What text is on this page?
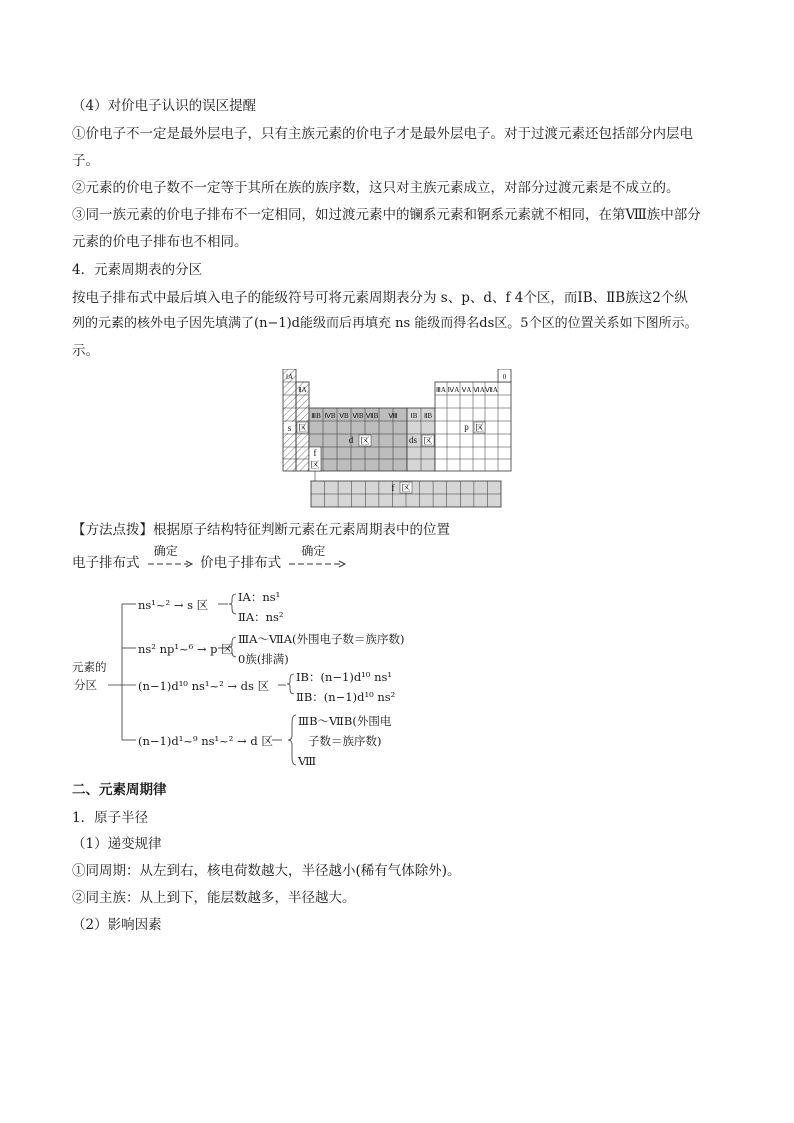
（4）对价电子认识的误区提醒
①价电子不一定是最外层电子，只有主族元素的价电子才是最外层电子。对于过渡元素还包括部分内层电
子。
②元素的价电子数不一定等于其所在族的族序数，这只对主族元素成立，对部分过渡元素是不成立的。
③同一族元素的价电子排布不一定相同，如过渡元素中的镧系元素和锕系元素就不相同，在第Ⅷ族中部分
元素的价电子排布也不相同。
4．元素周期表的分区
按电子排布式中最后填入电子的能级符号可将元素周期表分为 s、p、d、f 4个区，而ⅠB、ⅡB族这2个纵
列的元素的核外电子因先填满了(n−1)d能级而后再填充 ns 能级而得名ds区。5个区的位置关系如下图所示。
示。
ⅠA
ⅡA
ⅢB ⅣB ⅤB ⅥB ⅦB Ⅷ ⅠB ⅡB
ⅢA ⅣA ⅤA ⅥA ⅦA
0
s 区
d 区	ds 区
p 区
f
区
f 区
【方法点拨】根据原子结构特征判断元素在元素周期表中的位置
电子排布式
确定
价电子排布式
确定
元素的
分区
ns¹~² → s 区
ⅠA：ns¹
ⅡA：ns²
ns² np¹~⁶ → p 区
ⅢA～ⅦA(外围电子数＝族序数)
0族(排满)
(n−1)d¹⁰ ns¹~² → ds 区
ⅠB：(n−1)d¹⁰ ns¹
ⅡB：(n−1)d¹⁰ ns²
(n−1)d¹~⁹ ns¹~² → d 区
ⅢB～ⅦB(外围电
子数＝族序数)
Ⅷ
二、元素周期律
1．原子半径
（1）递变规律
①同周期：从左到右，核电荷数越大，半径越小(稀有气体除外)。
②同主族：从上到下，能层数越多，半径越大。
（2）影响因素
